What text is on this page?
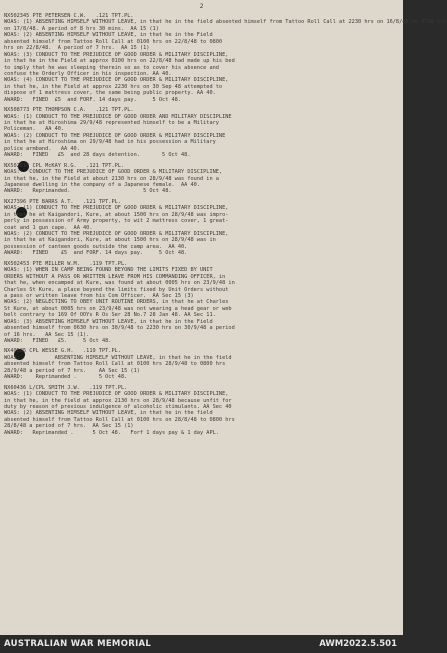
2
NX502345 PTE PETERSEN C.W.   .121 TPT.PL.
WOAS: (1) ABSENTING HIMSELF WITHOUT LEAVE, in that he in the field absented himself from Tattoo Roll Call at 2230 hrs on 16/8/48 to 0700 hrs
on 17/8/48. A period of 8 hrs 30 mins.  AA 15 (1)
WOAS: (2) ABSENTING HIMSELF WITHOUT LEAVE, in that he in the Field
absented himself from Tattoo Roll Call at 0100 hrs on 22/8/48 to 0800
hrs on 22/8/48.  A period of 7 hrs.  AA 15 (1)
WOAS: (3) CONDUCT TO THE PREJUDICE OF GOOD ORDER & MILITARY DISCIPLINE,
in that he in the Field at approx 0100 hrs on 22/8/48 had made up his bed
to imply that he was sleeping therein so as to cover his absence and
confuse the Orderly Officer in his inspection. AA 40.
WOAS: (4) CONDUCT TO THE PREJUDICE OF GOOD ORDER & MILITARY DISCIPLINE,
in that he, in the Field at approx 2230 hrs on 30 Sep 48 attempted to
dispose of 1 mattress cover, the same being public property. AA 40.
AWARD:   FINED  £5  and FORF. 14 days pay.     5 Oct 48.
NX508773 PTE THOMPSON C.A.   .121 TPT.PL.
WOAS: (1) CONDUCT TO THE PREJUDICE OF GOOD ORDER AND MILITARY DISCIPLINE
in that he at Hiroshima 29/9/48 represented himself to be a Military
Policeman.   AA 40.
WOAS: (2) CONDUCT TO THE PREJUDICE OF GOOD ORDER & MILITARY DISCIPLINE
in that he at Hiroshima on 29/9/48 had in his possession a Military
police armband.   AA 40.
AWARD:   FINED   £5  and 28 days detention.       5 Oct 48.
NX502816 CPL McKAY R.G.   .121 TPT.PL.
WOAS:   CONDUCT TO THE PREJUDICE OF GOOD ORDER & MILITARY DISCIPLINE,
in that he, in the Field at about 2130 hrs on 28/9/48 was found in a
Japanese dwelling in the company of a Japanese female.  AA 40.
AWARD:   Reprimanded.                       5 Oct 48.
NX27396 PTE BARRS A.T.   .121 TPT.PL.
WOAS: (1) CONDUCT TO THE PREJUDICE OF GOOD ORDER & MILITARY DISCIPLINE,
in that he at Kaigandori, Kure, at about 1500 hrs on 28/9/48 was impro-
perly in possession of Army property, to wit 2 mattress cover, 1 great-
coat and 1 gun cape.  AA 40.
WOAS: (2) CONDUCT TO THE PREJUDICE OF GOOD ORDER & MILITARY DISCIPLINE,
in that he at Kaigandori, Kure, at about 1500 hrs on 28/9/48 was in
possession of canteen goods outside the camp area.  AA 40.
AWARD:   FINED    £5  and FORF. 14 days pay.     5 Oct 48.
NX502453 PTE MILLER W.M.   .119 TPT.PL.
WOAS: (1) WHEN IN CAMP BEING FOUND BEYOND THE LIMITS FIXED BY UNIT
ORDERS WITHOUT A PASS OR WRITTEN LEAVE FROM HIS COMMANDING OFFICER, in
that he, when encamped at Kure, was found at about 0005 hrs on 23/9/48 in
Charles St Kure, a place beyond the limits fixed by Unit Orders without
a pass or written leave from his Com Officer.  AA Sec 15 (3)
WOAS: (2) NEGLECTING TO OBEY UNIT ROUTINE ORDERS, in that he at Charles
St Kure, at about 0005 hrs on 23/9/48 was not wearing a head gear or web
belt contrary to 169 Of OOYs R Os Ser 28 No.7 28 Jan 48. AA Sec 11.
WOAS: (3) ABSENTING HIMSELF WITHOUT LEAVE, in that he in the Field
absented himself from 0630 hrs on 30/9/48 to 2230 hrs on 30/9/48 a period
of 16 hrs.   AA Sec 15 (1).
AWARD:   FINED   £5.     5 Oct 48.
NX40585 CPL WESSE G.H.   .119 TPT.PL.
WOAS:           ABSENTING HIMSELF WITHOUT LEAVE, in that he in the field
absented himself from Tattoo Roll Call at 0100 hrs 28/9/48 to 0800 hrs
28/9/48 a period of 7 hrs.    AA Sec 15 (1)
AWARD:    Reprimanded .       5 Oct 48.
NX60436 L/CPL SMITH J.W.   .119 TPT.PL.
WOAS: (1) CONDUCT TO THE PREJUDICE OF GOOD ORDER & MILITARY DISCIPLINE,
in that he, in the field at approx 2130 hrs on 28/9/48 because unfit for
duty by reason of previous indulgence of alcoholic stimulants. AA Sec 40
WOAS: (2) ABSENTING HIMSELF WITHOUT LEAVE, in that he in the field
absented himself from Tattoo Roll Call at 0100 hrs on 28/8/48 to 0800 hrs
28/8/48 a period of 7 hrs.  AA Sec 15 (1)
AWARD:   Reprimanded .      5 Oct 48.   Forf 1 days pay & 1 day APL.
AUSTRALIAN WAR MEMORIAL	AWM2022.5.501
